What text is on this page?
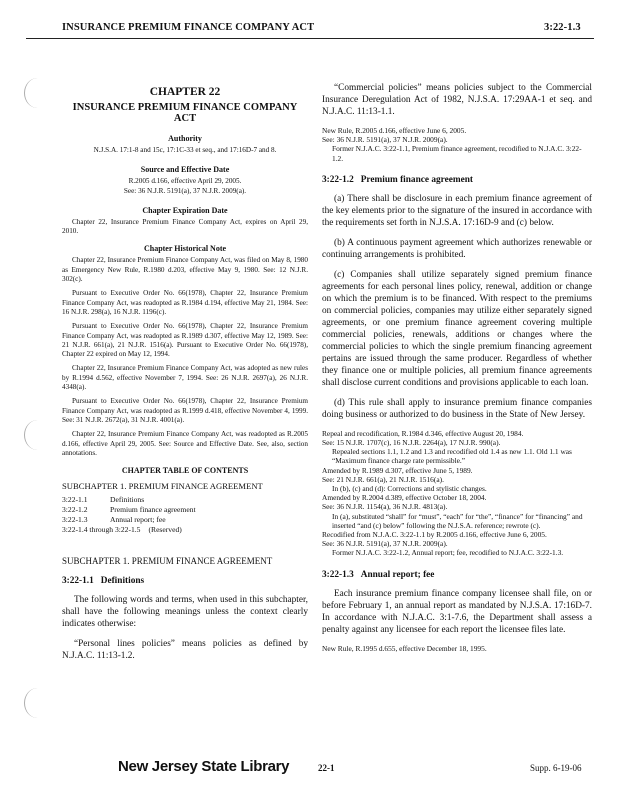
INSURANCE PREMIUM FINANCE COMPANY ACT	3:22-1.3
CHAPTER 22
INSURANCE PREMIUM FINANCE COMPANY ACT
Authority
N.J.S.A. 17:1-8 and 15c, 17:1C-33 et seq., and 17:16D-7 and 8.
Source and Effective Date
R.2005 d.166, effective April 29, 2005.
See: 36 N.J.R. 5191(a), 37 N.J.R. 2009(a).
Chapter Expiration Date

Chapter 22, Insurance Premium Finance Company Act, expires on April 29, 2010.

Chapter Historical Note

Chapter 22, Insurance Premium Finance Company Act, was filed on May 8, 1980 as Emergency New Rule, R.1980 d.203, effective May 9, 1980. See: 12 N.J.R. 302(c).

Pursuant to Executive Order No. 66(1978), Chapter 22, Insurance Premium Finance Company Act, was readopted as R.1984 d.194, effective May 21, 1984. See: 16 N.J.R. 298(a), 16 N.J.R. 1196(c).

Pursuant to Executive Order No. 66(1978), Chapter 22, Insurance Premium Finance Company Act, was readopted as R.1989 d.307, effective May 12, 1989. See: 21 N.J.R. 661(a), 21 N.J.R. 1516(a). Pursuant to Executive Order No. 66(1978), Chapter 22 expired on May 12, 1994.

Chapter 22, Insurance Premium Finance Company Act, was adopted as new rules by R.1994 d.562, effective November 7, 1994. See: 26 N.J.R. 2697(a), 26 N.J.R. 4348(a).

Pursuant to Executive Order No. 66(1978), Chapter 22, Insurance Premium Finance Company Act, was readopted as R.1999 d.418, effective November 4, 1999. See: 31 N.J.R. 2672(a), 31 N.J.R. 4001(a).

Chapter 22, Insurance Premium Finance Company Act, was readopted as R.2005 d.166, effective April 29, 2005. See: Source and Effective Date. See, also, section annotations.

CHAPTER TABLE OF CONTENTS
SUBCHAPTER 1. PREMIUM FINANCE AGREEMENT
3:22-1.1	Definitions
3:22-1.2	Premium finance agreement
3:22-1.3	Annual report; fee
3:22-1.4 through 3:22-1.5 (Reserved)
SUBCHAPTER 1. PREMIUM FINANCE AGREEMENT
3:22-1.1 Definitions

The following words and terms, when used in this subchapter, shall have the following meanings unless the context clearly indicates otherwise:

“Personal lines policies” means policies as defined by N.J.A.C. 11:13-1.2.

“Commercial policies” means policies subject to the Commercial Insurance Deregulation Act of 1982, N.J.S.A. 17:29AA-1 et seq. and N.J.A.C. 11:13-1.1.

New Rule, R.2005 d.166, effective June 6, 2005.

See: 36 N.J.R. 5191(a), 37 N.J.R. 2009(a).

Former N.J.A.C. 3:22-1.1, Premium finance agreement, recodified to N.J.A.C. 3:22-1.2.

3:22-1.2 Premium finance agreement

(a) There shall be disclosure in each premium finance agreement of the key elements prior to the signature of the insured in accordance with the requirements set forth in N.J.S.A. 17:16D-9 and (c) below.

(b) A continuous payment agreement which authorizes renewable or continuing arrangements is prohibited.

(c) Companies shall utilize separately signed premium finance agreements for each personal lines policy, renewal, addition or change on which the premium is to be financed. With respect to the premiums on commercial policies, companies may utilize either separately signed agreements, or one premium finance agreement covering multiple commercial policies, renewals, additions or changes where the commercial policies to which the single premium financing agreement pertains are issued through the same producer. Regardless of whether they finance one or multiple policies, all premium finance agreements shall disclose current conditions and provisions applicable to each loan.

(d) This rule shall apply to insurance premium finance companies doing business or authorized to do business in the State of New Jersey.

Repeal and recodification, R.1984 d.346, effective August 20, 1984.

See: 15 N.J.R. 1707(c), 16 N.J.R. 2264(a), 17 N.J.R. 990(a).

Repealed sections 1.1, 1.2 and 1.3 and recodified old 1.4 as new 1.1. Old 1.1 was “Maximum finance charge rate permissible.”

Amended by R.1989 d.307, effective June 5, 1989.

See: 21 N.J.R. 661(a), 21 N.J.R. 1516(a).

In (b), (c) and (d): Corrections and stylistic changes.

Amended by R.2004 d.389, effective October 18, 2004.

See: 36 N.J.R. 1154(a), 36 N.J.R. 4813(a).

In (a), substituted “shall” for “must”, “each” for “the”, “finance” for “financing” and inserted “and (c) below” following the N.J.S.A. reference; rewrote (c).

Recodified from N.J.A.C. 3:22-1.1 by R.2005 d.166, effective June 6, 2005.

See: 36 N.J.R. 5191(a), 37 N.J.R. 2009(a).

Former N.J.A.C. 3:22-1.2, Annual report; fee, recodified to N.J.A.C. 3:22-1.3.

3:22-1.3 Annual report; fee

Each insurance premium finance company licensee shall file, on or before February 1, an annual report as mandated by N.J.S.A. 17:16D-7. In accordance with N.J.A.C. 3:1-7.6, the Department shall assess a penalty against any licensee for each report the licensee files late.

New Rule, R.1995 d.655, effective December 18, 1995.

New Jersey State Library	22-1	Supp. 6-19-06
